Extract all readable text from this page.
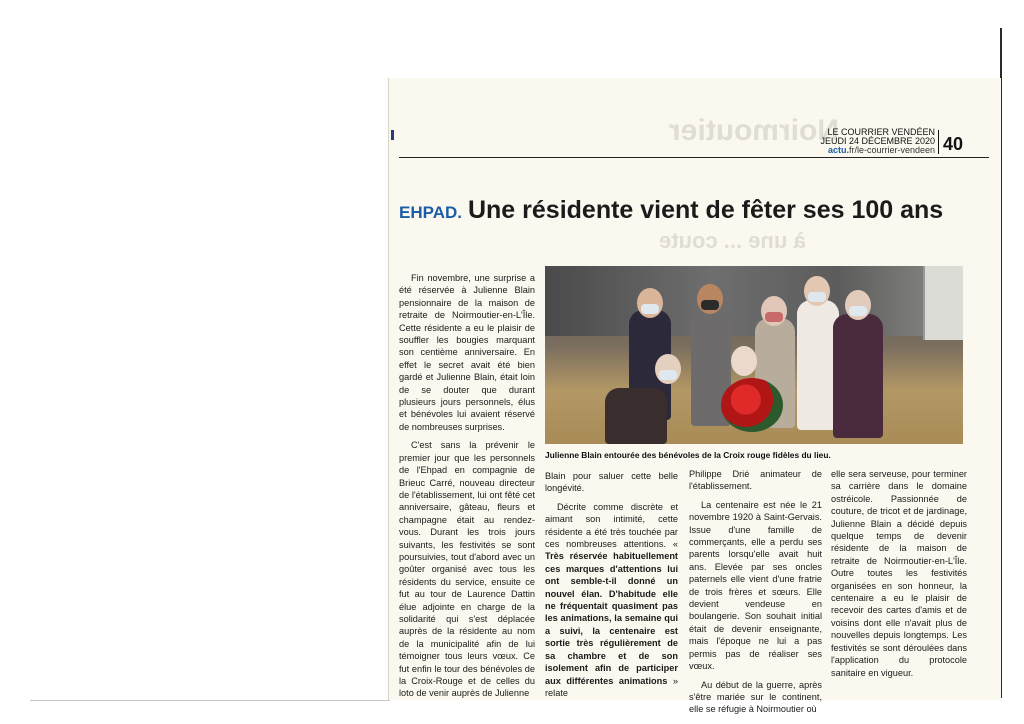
Noirmoutier
à une ... coute
LE COURRIER VENDÉEN
JEUDI 24 DÉCEMBRE 2020
actu.fr/le-courrier-vendeen 40
EHPAD. Une résidente vient de fêter ses 100 ans
Julienne Blain entourée des bénévoles de la Croix rouge fidèles du lieu.

Fin novembre, une surprise a été réservée à Julienne Blain pensionnaire de la maison de retraite de Noirmoutier-en-L'Île. Cette résidente a eu le plaisir de souffler les bougies marquant son centième anniversaire. En effet le secret avait été bien gardé et Julienne Blain, était loin de se douter que durant plusieurs jours personnels, élus et bénévoles lui avaient réservé de nombreuses surprises.

C'est sans la prévenir le premier jour que les personnels de l'Ehpad en compagnie de Brieuc Carré, nouveau directeur de l'établissement, lui ont fêté cet anniversaire, gâteau, fleurs et champagne était au rendez-vous. Durant les trois jours suivants, les festivités se sont poursuivies, tout d'abord avec un goûter organisé avec tous les résidents du service, ensuite ce fut au tour de Laurence Dattin élue adjointe en charge de la solidarité qui s'est déplacée auprès de la résidente au nom de la municipalité afin de lui témoigner tous leurs vœux. Ce fut enfin le tour des bénévoles de la Croix-Rouge et de celles du loto de venir auprès de Julienne

Blain pour saluer cette belle longévité.

Décrite comme discrète et aimant son intimité, cette résidente a été très touchée par ces nombreuses attentions. « Très réservée habituellement ces marques d'attentions lui ont semble-t-il donné un nouvel élan. D'habitude elle ne fréquentait quasiment pas les animations, la semaine qui a suivi, la centenaire est sortie très régulièrement de sa chambre et de son isolement afin de participer aux différentes animations » relate

Philippe Drié animateur de l'établissement.

La centenaire est née le 21 novembre 1920 à Saint-Gervais. Issue d'une famille de commerçants, elle a perdu ses parents lorsqu'elle avait huit ans. Elevée par ses oncles paternels elle vient d'une fratrie de trois frères et sœurs. Elle devient vendeuse en boulangerie. Son souhait initial était de devenir enseignante, mais l'époque ne lui a pas permis pas de réaliser ses vœux.

Au début de la guerre, après s'être mariée sur le continent, elle se réfugie à Noirmoutier où

elle sera serveuse, pour terminer sa carrière dans le domaine ostréicole. Passionnée de couture, de tricot et de jardinage, Julienne Blain a décidé depuis quelque temps de devenir résidente de la maison de retraite de Noirmoutier-en-L'Île. Outre toutes les festivités organisées en son honneur, la centenaire a eu le plaisir de recevoir des cartes d'amis et de voisins dont elle n'avait plus de nouvelles depuis longtemps. Les festivités se sont déroulées dans l'application du protocole sanitaire en vigueur.
